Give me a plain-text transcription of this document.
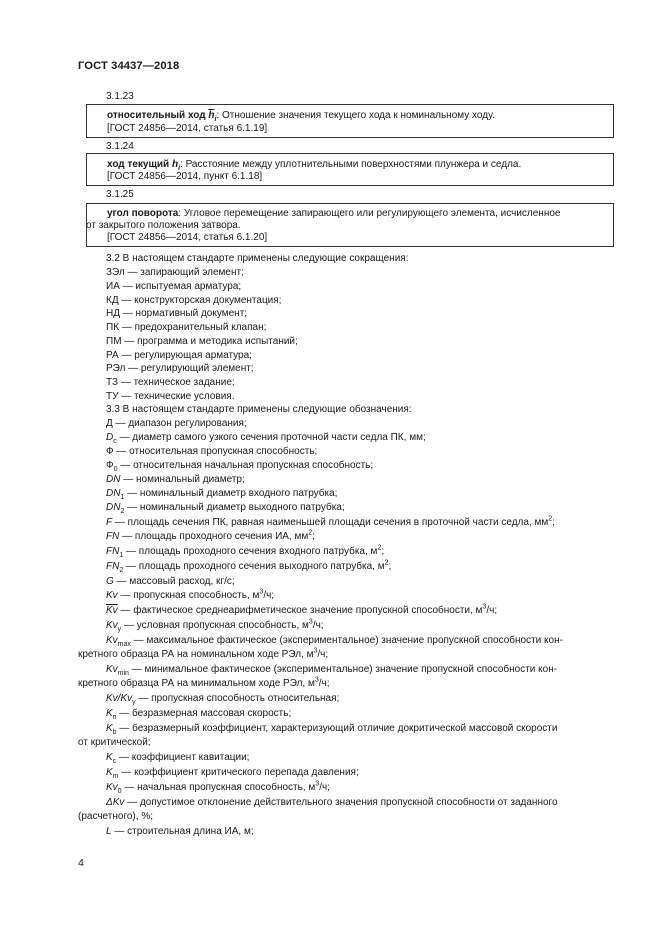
ГОСТ 34437—2018
3.1.23
относительный ход $\overline{h}_i$: Отношение значения текущего хода к номинальному ходу.
[ГОСТ 24856—2014, статья 6.1.19]
3.1.24
ход текущий $h_i$: Расстояние между уплотнительными поверхностями плунжера и седла.
[ГОСТ 24856—2014, пункт 6.1.18]
3.1.25
угол поворота: Угловое перемещение запирающего или регулирующего элемента, исчисленное
от закрытого положения затвора.
[ГОСТ 24856—2014, статья 6.1.20]
3.2 В настоящем стандарте применены следующие сокращения:
ЗЭл — запирающий элемент;
ИА — испытуемая арматура;
КД — конструкторская документация;
НД — нормативный документ;
ПК — предохранительный клапан;
ПМ — программа и методика испытаний;
РА — регулирующая арматура;
РЭл — регулирующий элемент;
ТЗ — техническое задание;
ТУ — технические условия.
3.3 В настоящем стандарте применены следующие обозначения:
Д — диапазон регулирования;
$D_c$ — диаметр самого узкого сечения проточной части седла ПК, мм;
Ф — относительная пропускная способность;
$Ф_0$ — относительная начальная пропускная способность;
DN — номинальный диаметр;
$DN_1$ — номинальный диаметр входного патрубка;
$DN_2$ — номинальный диаметр выходного патрубка;
F — площадь сечения ПК, равная наименьшей площади сечения в проточной части седла, $мм^2$;
FN — площадь проходного сечения ИА, $мм^2$;
$FN_1$ — площадь проходного сечения входного патрубка, $м^2$;
$FN_2$ — площадь проходного сечения выходного патрубка, $м^2$;
G — массовый расход, кг/с;
Kv — пропускная способность, $м^3/ч$;
$\overline{Kv}$ — фактическое среднеарифметическое значение пропускной способности, $м^3/ч$;
$Kv_y$ — условная пропускная способность, $м^3/ч$;
$Kv_{max}$ — максимальное фактическое (экспериментальное) значение пропускной способности кон-
кретного образца РА на номинальном ходе РЭл, $м^3/ч$;
$Kv_{min}$ — минимальное фактическое (экспериментальное) значение пропускной способности кон-
кретного образца РА на минимальном ходе РЭл, $м^3/ч$;
$Kv/Kv_y$ — пропускная способность относительная;
$K_п$ — безразмерная массовая скорость;
$K_b$ — безразмерный коэффициент, характеризующий отличие докритической массовой скорости
от критической;
$K_c$ — коэффициент кавитации;
$K_m$ — коэффициент критического перепада давления;
$Kv_0$ — начальная пропускная способность, $м^3/ч$;
ΔKv — допустимое отклонение действительного значения пропускной способности от заданного
(расчетного), %;
L — строительная длина ИА, м;
4
